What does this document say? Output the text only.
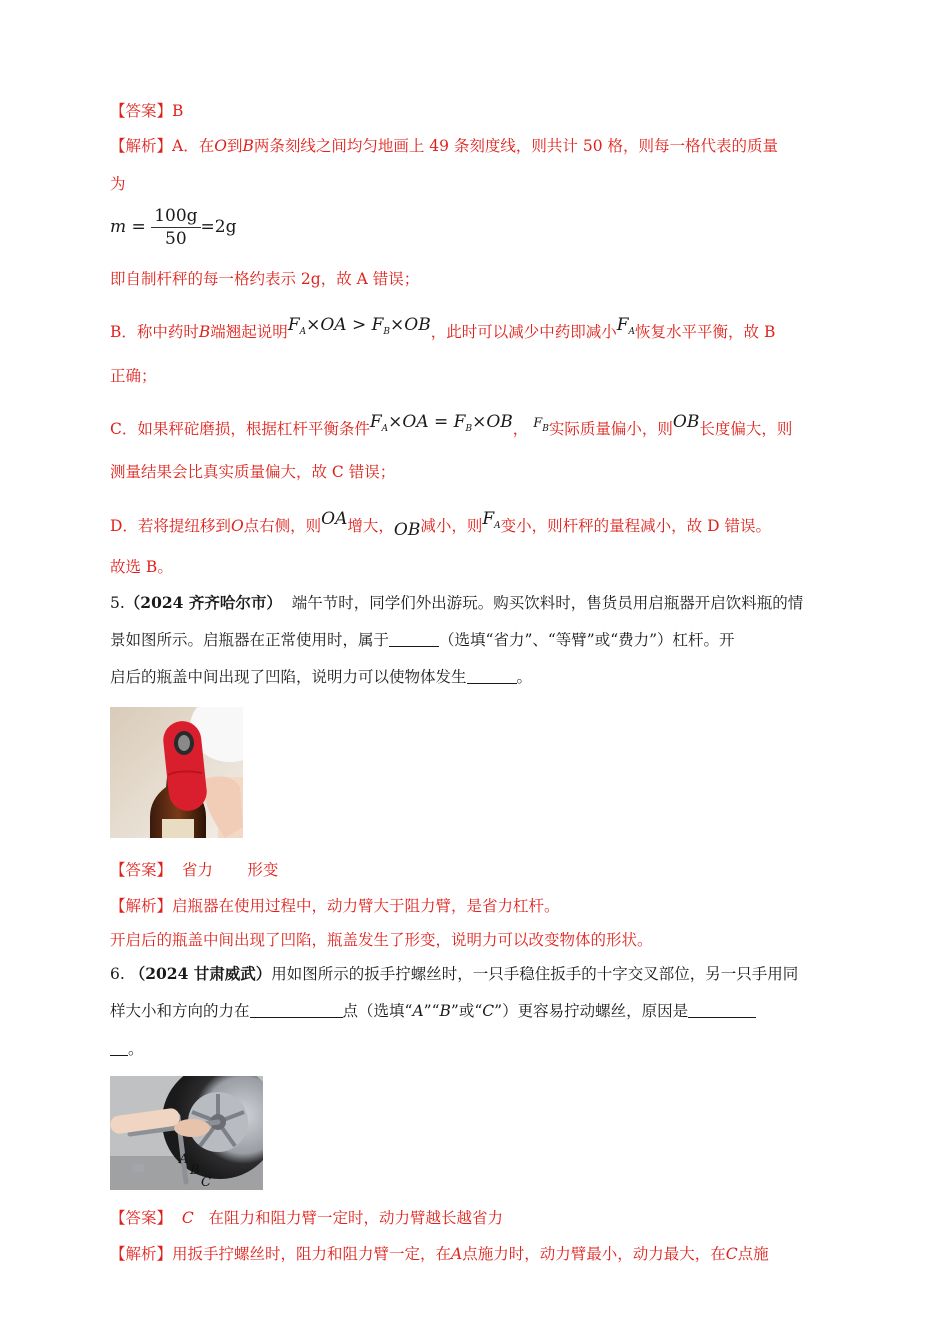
【答案】B
【解析】A．在O到B两条刻线之间均匀地画上 49 条刻度线，则共计 50 格，则每一格代表的质量
为
$m = \frac{100g}{50} =2g$
即自制杆秤的每一格约表示 2g，故 A 错误；
B．称中药时B端翘起说明$F_A\times OA > F_B\times OB$，此时可以减少中药即减小$F_A$恢复水平平衡，故 B
正确；
C．如果秤砣磨损，根据杠杆平衡条件$F_A\times OA = F_B\times OB$， $^{F_B}$实际质量偏小，则OB长度偏大，则
测量结果会比真实质量偏大，故 C 错误；
D．若将提纽移到O点右侧，则OA增大，OB减小，则$F_A$变小，则杆秤的量程减小，故 D 错误。
故选 B。
5.（2024 齐齐哈尔市） 端午节时，同学们外出游玩。购买饮料时，售货员用启瓶器开启饮料瓶的情
景如图所示。启瓶器在正常使用时，属于	（选填“省力”、“等臂”或“费力”）杠杆。开
启后的瓶盖中间出现了凹陷，说明力可以使物体发生	。
【答案】 省力 形变
【解析】启瓶器在使用过程中，动力臂大于阻力臂，是省力杠杆。
开启后的瓶盖中间出现了凹陷，瓶盖发生了形变，说明力可以改变物体的形状。
6. （2024 甘肃威武）用如图所示的扳手拧螺丝时，一只手稳住扳手的十字交叉部位，另一只手用同
样大小和方向的力在	点（选填“A”“B”或“C”）更容易拧动螺丝，原因是
。
A
B
C
【答案】 C 在阻力和阻力臂一定时，动力臂越长越省力
【解析】用扳手拧螺丝时，阻力和阻力臂一定，在A点施力时，动力臂最小，动力最大，在C点施
